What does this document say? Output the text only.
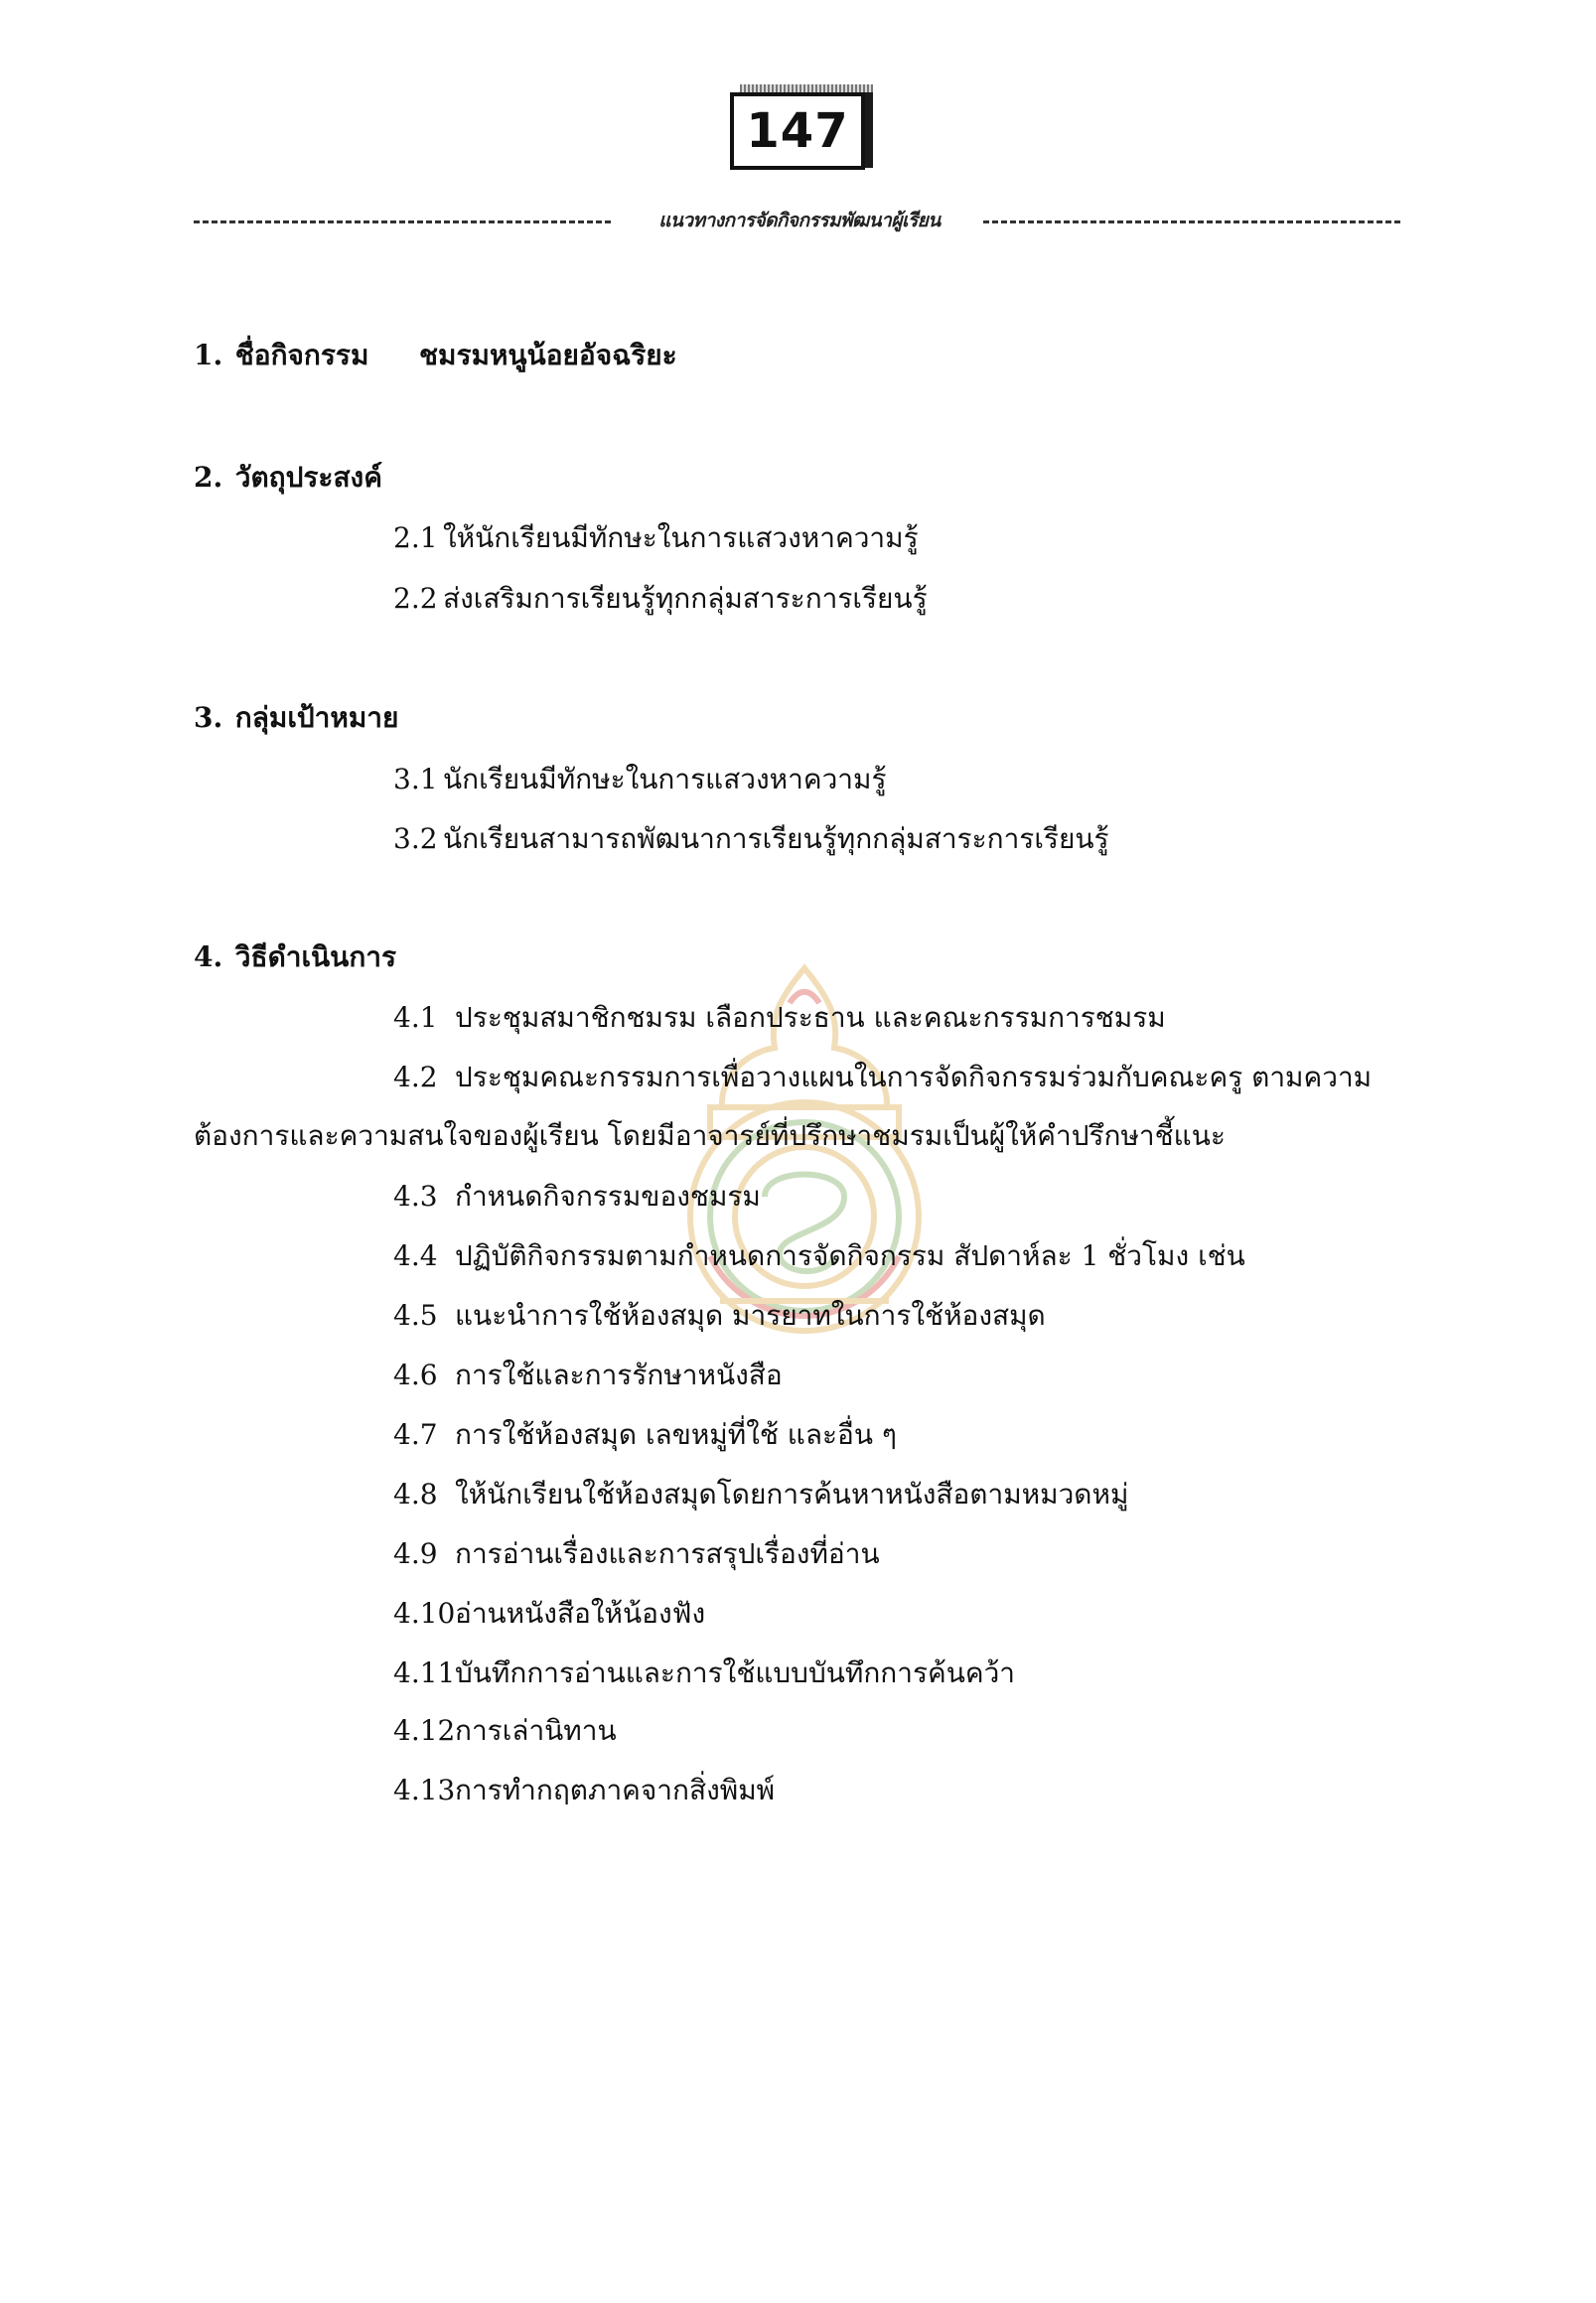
147
แนวทางการจัดกิจกรรมพัฒนาผู้เรียน
1. ชื่อกิจกรรม ชมรมหนูน้อยอัจฉริยะ
2. วัตถุประสงค์
2.1 ให้นักเรียนมีทักษะในการแสวงหาความรู้
2.2 ส่งเสริมการเรียนรู้ทุกกลุ่มสาระการเรียนรู้
3. กลุ่มเป้าหมาย
3.1 นักเรียนมีทักษะในการแสวงหาความรู้
3.2 นักเรียนสามารถพัฒนาการเรียนรู้ทุกกลุ่มสาระการเรียนรู้
4. วิธีดำเนินการ
4.1 ประชุมสมาชิกชมรม เลือกประธาน และคณะกรรมการชมรม
4.2 ประชุมคณะกรรมการเพื่อวางแผนในการจัดกิจกรรมร่วมกับคณะครู ตามความ
ต้องการและความสนใจของผู้เรียน โดยมีอาจารย์ที่ปรึกษาชมรมเป็นผู้ให้คำปรึกษาชี้แนะ
4.3 กำหนดกิจกรรมของชมรม
4.4 ปฏิบัติกิจกรรมตามกำหนดการจัดกิจกรรม สัปดาห์ละ 1 ชั่วโมง เช่น
4.5 แนะนำการใช้ห้องสมุด มารยาทในการใช้ห้องสมุด
4.6 การใช้และการรักษาหนังสือ
4.7 การใช้ห้องสมุด เลขหมู่ที่ใช้ และอื่น ๆ
4.8 ให้นักเรียนใช้ห้องสมุดโดยการค้นหาหนังสือตามหมวดหมู่
4.9 การอ่านเรื่องและการสรุปเรื่องที่อ่าน
4.10อ่านหนังสือให้น้องฟัง
4.11บันทึกการอ่านและการใช้แบบบันทึกการค้นคว้า
4.12การเล่านิทาน
4.13การทำกฤตภาคจากสิ่งพิมพ์
